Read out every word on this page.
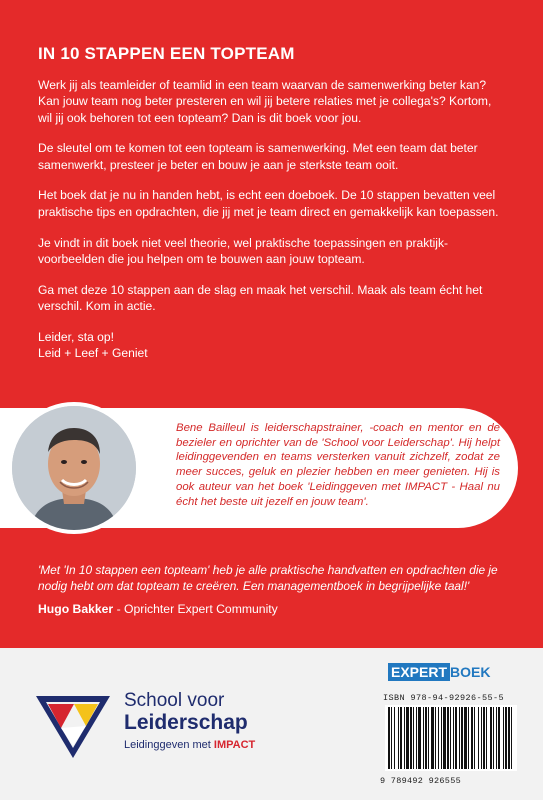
IN 10 STAPPEN EEN TOPTEAM

Werk jij als teamleider of teamlid in een team waarvan de samenwerking beter kan? Kan jouw team nog beter presteren en wil jij betere relaties met je collega's? Kortom, wil jij ook behoren tot een topteam? Dan is dit boek voor jou.

De sleutel om te komen tot een topteam is samenwerking. Met een team dat beter samenwerkt, presteer je beter en bouw je aan je sterkste team ooit.

Het boek dat je nu in handen hebt, is echt een doeboek. De 10 stappen bevatten veel praktische tips en opdrachten, die jij met je team direct en gemakkelijk kan toepassen.

Je vindt in dit boek niet veel theorie, wel praktische toepassingen en praktijk-voorbeelden die jou helpen om te bouwen aan jouw topteam.

Ga met deze 10 stappen aan de slag en maak het verschil. Maak als team écht het verschil. Kom in actie.

Leider, sta op!
Leid + Leef + Geniet

Bene Bailleul is leiderschapstrainer, -coach en mentor en de bezieler en oprichter van de 'School voor Leiderschap'. Hij helpt leidinggevenden en teams versterken vanuit zichzelf, zodat ze meer succes, geluk en plezier hebben en meer genieten. Hij is ook auteur van het boek 'Leidinggeven met IMPACT - Haal nu écht het beste uit jezelf en jouw team'.
'Met 'In 10 stappen een topteam' heb je alle praktische handvatten en opdrachten die je nodig hebt om dat topteam te creëren. Een managementboek in begrijpelijke taal!'
Hugo Bakker - Oprichter Expert Community
School voor
Leiderschap
Leidinggeven met IMPACT
EXPERT BOEK
ISBN 978-94-92926-55-5
9 789492 926555
